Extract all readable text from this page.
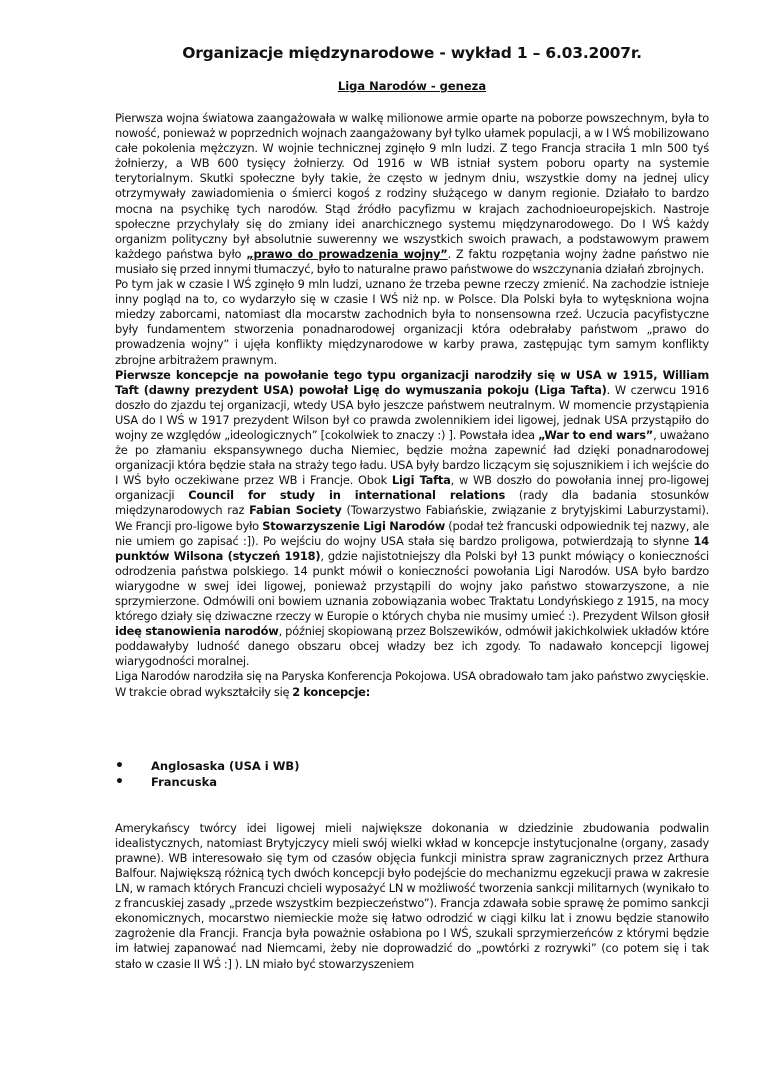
Organizacje międzynarodowe - wykład 1 – 6.03.2007r.
Liga Narodów - geneza

Pierwsza wojna światowa zaangażowała w walkę milionowe armie oparte na poborze powszechnym, była to nowość, ponieważ w poprzednich wojnach zaangażowany był tylko ułamek populacji, a w I WŚ mobilizowano całe pokolenia mężczyzn. W wojnie technicznej zginęło 9 mln ludzi. Z tego Francja straciła 1 mln 500 tyś żołnierzy, a WB 600 tysięcy żołnierzy. Od 1916 w WB istniał system poboru oparty na systemie terytorialnym. Skutki społeczne były takie, że często w jednym dniu, wszystkie domy na jednej ulicy otrzymywały zawiadomienia o śmierci kogoś z rodziny służącego w danym regionie. Działało to bardzo mocna na psychikę tych narodów. Stąd źródło pacyfizmu w krajach zachodnioeuropejskich. Nastroje społeczne przychylały się do zmiany idei anarchicznego systemu międzynarodowego. Do I WŚ każdy organizm polityczny był absolutnie suwerenny we wszystkich swoich prawach, a podstawowym prawem każdego państwa było „prawo do prowadzenia wojny”. Z faktu rozpętania wojny żadne państwo nie musiało się przed innymi tłumaczyć, było to naturalne prawo państwowe do wszczynania działań zbrojnych.

Po tym jak w czasie I WŚ zginęło 9 mln ludzi, uznano że trzeba pewne rzeczy zmienić. Na zachodzie istnieje inny pogląd na to, co wydarzyło się w czasie I WŚ niż np. w Polsce. Dla Polski była to wytęskniona wojna miedzy zaborcami, natomiast dla mocarstw zachodnich była to nonsensowna rzeź. Uczucia pacyfistyczne były fundamentem stworzenia ponadnarodowej organizacji która odebrałaby państwom „prawo do prowadzenia wojny” i ujęła konflikty międzynarodowe w karby prawa, zastępując tym samym konflikty zbrojne arbitrażem prawnym.

Pierwsze koncepcje na powołanie tego typu organizacji narodziły się w USA w 1915, William Taft (dawny prezydent USA) powołał Ligę do wymuszania pokoju (Liga Tafta). W czerwcu 1916 doszło do zjazdu tej organizacji, wtedy USA było jeszcze państwem neutralnym. W momencie przystąpienia USA do I WŚ w 1917 prezydent Wilson był co prawda zwolennikiem idei ligowej, jednak USA przystąpiło do wojny ze względów „ideologicznych” [cokolwiek to znaczy :) ]. Powstała idea „War to end wars”, uważano że po złamaniu ekspansywnego ducha Niemiec, będzie można zapewnić ład dzięki ponadnarodowej organizacji która będzie stała na straży tego ładu. USA były bardzo liczącym się sojusznikiem i ich wejście do I WŚ było oczekiwane przez WB i Francje. Obok Ligi Tafta, w WB doszło do powołania innej pro-ligowej organizacji Council for study in international relations (rady dla badania stosunków międzynarodowych raz Fabian Society (Towarzystwo Fabiańskie, związanie z brytyjskimi Laburzystami). We Francji pro-ligowe było Stowarzyszenie Ligi Narodów (podał też francuski odpowiednik tej nazwy, ale nie umiem go zapisać :]). Po wejściu do wojny USA stała się bardzo proligowa, potwierdzają to słynne 14 punktów Wilsona (styczeń 1918), gdzie najistotniejszy dla Polski był 13 punkt mówiący o konieczności odrodzenia państwa polskiego. 14 punkt mówił o konieczności powołania Ligi Narodów. USA było bardzo wiarygodne w swej idei ligowej, ponieważ przystąpili do wojny jako państwo stowarzyszone, a nie sprzymierzone. Odmówili oni bowiem uznania zobowiązania wobec Traktatu Londyńskiego z 1915, na mocy którego działy się dziwaczne rzeczy w Europie o których chyba nie musimy umieć :). Prezydent Wilson głosił ideę stanowienia narodów, później skopiowaną przez Bolszewików, odmówił jakichkolwiek układów które poddawałyby ludność danego obszaru obcej władzy bez ich zgody. To nadawało koncepcji ligowej wiarygodności moralnej.

Liga Narodów narodziła się na Paryska Konferencja Pokojowa. USA obradowało tam jako państwo zwycięskie. W trakcie obrad wykształciły się 2 koncepcje:

• Anglosaska (USA i WB)
• Francuska

Amerykańscy twórcy idei ligowej mieli największe dokonania w dziedzinie zbudowania podwalin idealistycznych, natomiast Brytyjczycy mieli swój wielki wkład w koncepcje instytucjonalne (organy, zasady prawne). WB interesowało się tym od czasów objęcia funkcji ministra spraw zagranicznych przez Arthura Balfour. Największą różnicą tych dwóch koncepcji było podejście do mechanizmu egzekucji prawa w zakresie LN, w ramach których Francuzi chcieli wyposażyć LN w możliwość tworzenia sankcji militarnych (wynikało to z francuskiej zasady „przede wszystkim bezpieczeństwo”). Francja zdawała sobie sprawę że pomimo sankcji ekonomicznych, mocarstwo niemieckie może się łatwo odrodzić w ciągi kilku lat i znowu będzie stanowiło zagrożenie dla Francji. Francja była poważnie osłabiona po I WŚ, szukali sprzymierzeńców z którymi będzie im łatwiej zapanować nad Niemcami, żeby nie doprowadzić do „powtórki z rozrywki” (co potem się i tak stało w czasie II WŚ :] ). LN miało być stowarzyszeniem
